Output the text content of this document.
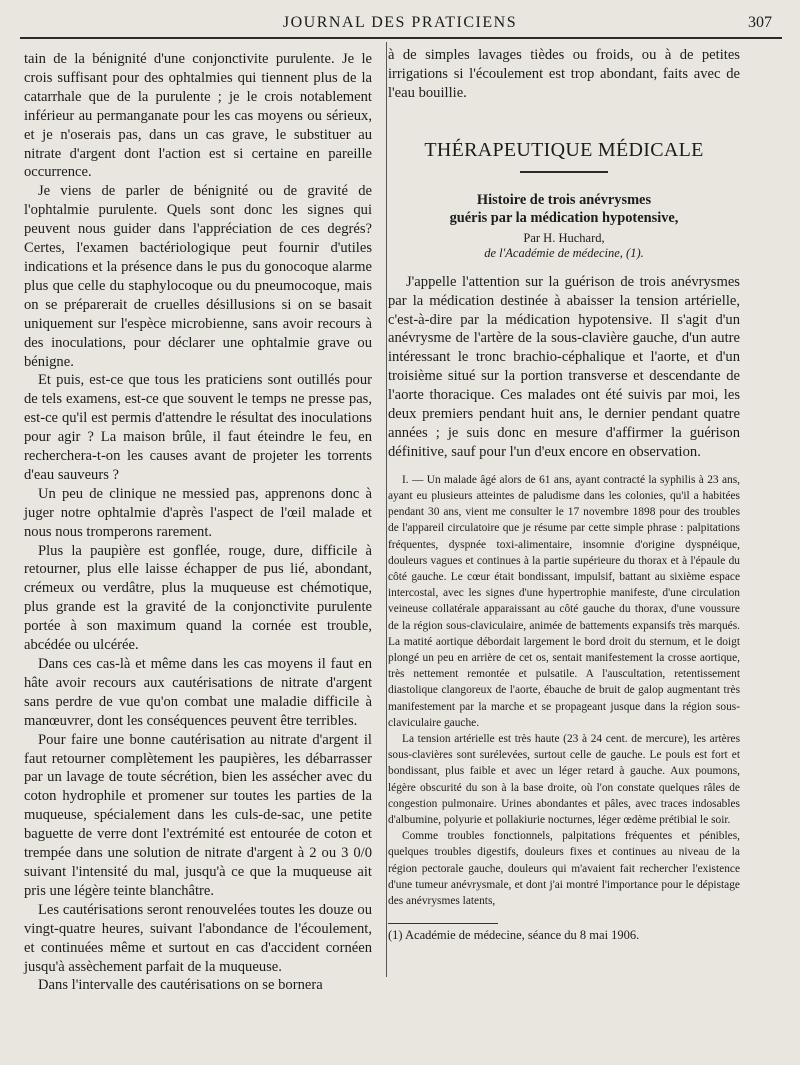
JOURNAL DES PRATICIENS	307

tain de la bénignité d'une conjonctivite purulente. Je le crois suffisant pour des ophtalmies qui tiennent plus de la catarrhale que de la purulente ; je le crois notablement inférieur au permanganate pour les cas moyens ou sérieux, et je n'oserais pas, dans un cas grave, le substituer au nitrate d'argent dont l'action est si certaine en pareille occurrence.

Je viens de parler de bénignité ou de gravité de l'ophtalmie purulente. Quels sont donc les signes qui peuvent nous guider dans l'appréciation de ces degrés? Certes, l'examen bactériologique peut fournir d'utiles indications et la présence dans le pus du gonocoque alarme plus que celle du staphylocoque ou du pneumocoque, mais on se préparerait de cruelles désillusions si on se basait uniquement sur l'espèce microbienne, sans avoir recours à des inoculations, pour déclarer une ophtalmie grave ou bénigne.

Et puis, est-ce que tous les praticiens sont outillés pour de tels examens, est-ce que souvent le temps ne presse pas, est-ce qu'il est permis d'attendre le résultat des inoculations pour agir ? La maison brûle, il faut éteindre le feu, en recherchera-t-on les causes avant de projeter les torrents d'eau sauveurs ?

Un peu de clinique ne messied pas, apprenons donc à juger notre ophtalmie d'après l'aspect de l'œil malade et nous nous tromperons rarement.

Plus la paupière est gonflée, rouge, dure, difficile à retourner, plus elle laisse échapper de pus lié, abondant, crémeux ou verdâtre, plus la muqueuse est chémotique, plus grande est la gravité de la conjonctivite purulente portée à son maximum quand la cornée est trouble, abcédée ou ulcérée.

Dans ces cas-là et même dans les cas moyens il faut en hâte avoir recours aux cautérisations de nitrate d'argent sans perdre de vue qu'on combat une maladie difficile à manœuvrer, dont les conséquences peuvent être terribles.

Pour faire une bonne cautérisation au nitrate d'argent il faut retourner complètement les paupières, les débarrasser par un lavage de toute sécrétion, bien les assécher avec du coton hydrophile et promener sur toutes les parties de la muqueuse, spécialement dans les culs-de-sac, une petite baguette de verre dont l'extrémité est entourée de coton et trempée dans une solution de nitrate d'argent à 2 ou 3 0/0 suivant l'intensité du mal, jusqu'à ce que la muqueuse ait pris une légère teinte blanchâtre.

Les cautérisations seront renouvelées toutes les douze ou vingt-quatre heures, suivant l'abondance de l'écoulement, et continuées même et surtout en cas d'accident cornéen jusqu'à assèchement parfait de la muqueuse.

Dans l'intervalle des cautérisations on se bornera

à de simples lavages tièdes ou froids, ou à de petites irrigations si l'écoulement est trop abondant, faits avec de l'eau bouillie.

THÉRAPEUTIQUE MÉDICALE
Histoire de trois anévrysmes
guéris par la médication hypotensive,
Par H. Huchard,
de l'Académie de médecine, (1).

J'appelle l'attention sur la guérison de trois anévrysmes par la médication destinée à abaisser la tension artérielle, c'est-à-dire par la médication hypotensive. Il s'agit d'un anévrysme de l'artère de la sous-clavière gauche, d'un autre intéressant le tronc brachio-céphalique et l'aorte, et d'un troisième situé sur la portion transverse et descendante de l'aorte thoracique. Ces malades ont été suivis par moi, les deux premiers pendant huit ans, le dernier pendant quatre années ; je suis donc en mesure d'affirmer la guérison définitive, sauf pour l'un d'eux encore en observation.

I. — Un malade âgé alors de 61 ans, ayant contracté la syphilis à 23 ans, ayant eu plusieurs atteintes de paludisme dans les colonies, qu'il a habitées pendant 30 ans, vient me consulter le 17 novembre 1898 pour des troubles de l'appareil circulatoire que je résume par cette simple phrase : palpitations fréquentes, dyspnée toxi-alimentaire, insomnie d'origine dyspnéique, douleurs vagues et continues à la partie supérieure du thorax et à l'épaule du côté gauche. Le cœur était bondissant, impulsif, battant au sixième espace intercostal, avec les signes d'une hypertrophie manifeste, d'une circulation veineuse collatérale apparaissant au côté gauche du thorax, d'une voussure de la région sous-claviculaire, animée de battements expansifs très marqués. La matité aortique débordait largement le bord droit du sternum, et le doigt plongé un peu en arrière de cet os, sentait manifestement la crosse aortique, très nettement remontée et pulsatile. A l'auscultation, retentissement diastolique clangoreux de l'aorte, ébauche de bruit de galop augmentant très manifestement par la marche et se propageant jusque dans la région sous-claviculaire gauche.

La tension artérielle est très haute (23 à 24 cent. de mercure), les artères sous-clavières sont surélevées, surtout celle de gauche. Le pouls est fort et bondissant, plus faible et avec un léger retard à gauche. Aux poumons, légère obscurité du son à la base droite, où l'on constate quelques râles de congestion pulmonaire. Urines abondantes et pâles, avec traces indosables d'albumine, polyurie et pollakiurie nocturnes, léger œdème prétibial le soir.

Comme troubles fonctionnels, palpitations fréquentes et pénibles, quelques troubles digestifs, douleurs fixes et continues au niveau de la région pectorale gauche, douleurs qui m'avaient fait rechercher l'existence d'une tumeur anévrysmale, et dont j'ai montré l'importance pour le dépistage des anévrysmes latents,

(1) Académie de médecine, séance du 8 mai 1906.
